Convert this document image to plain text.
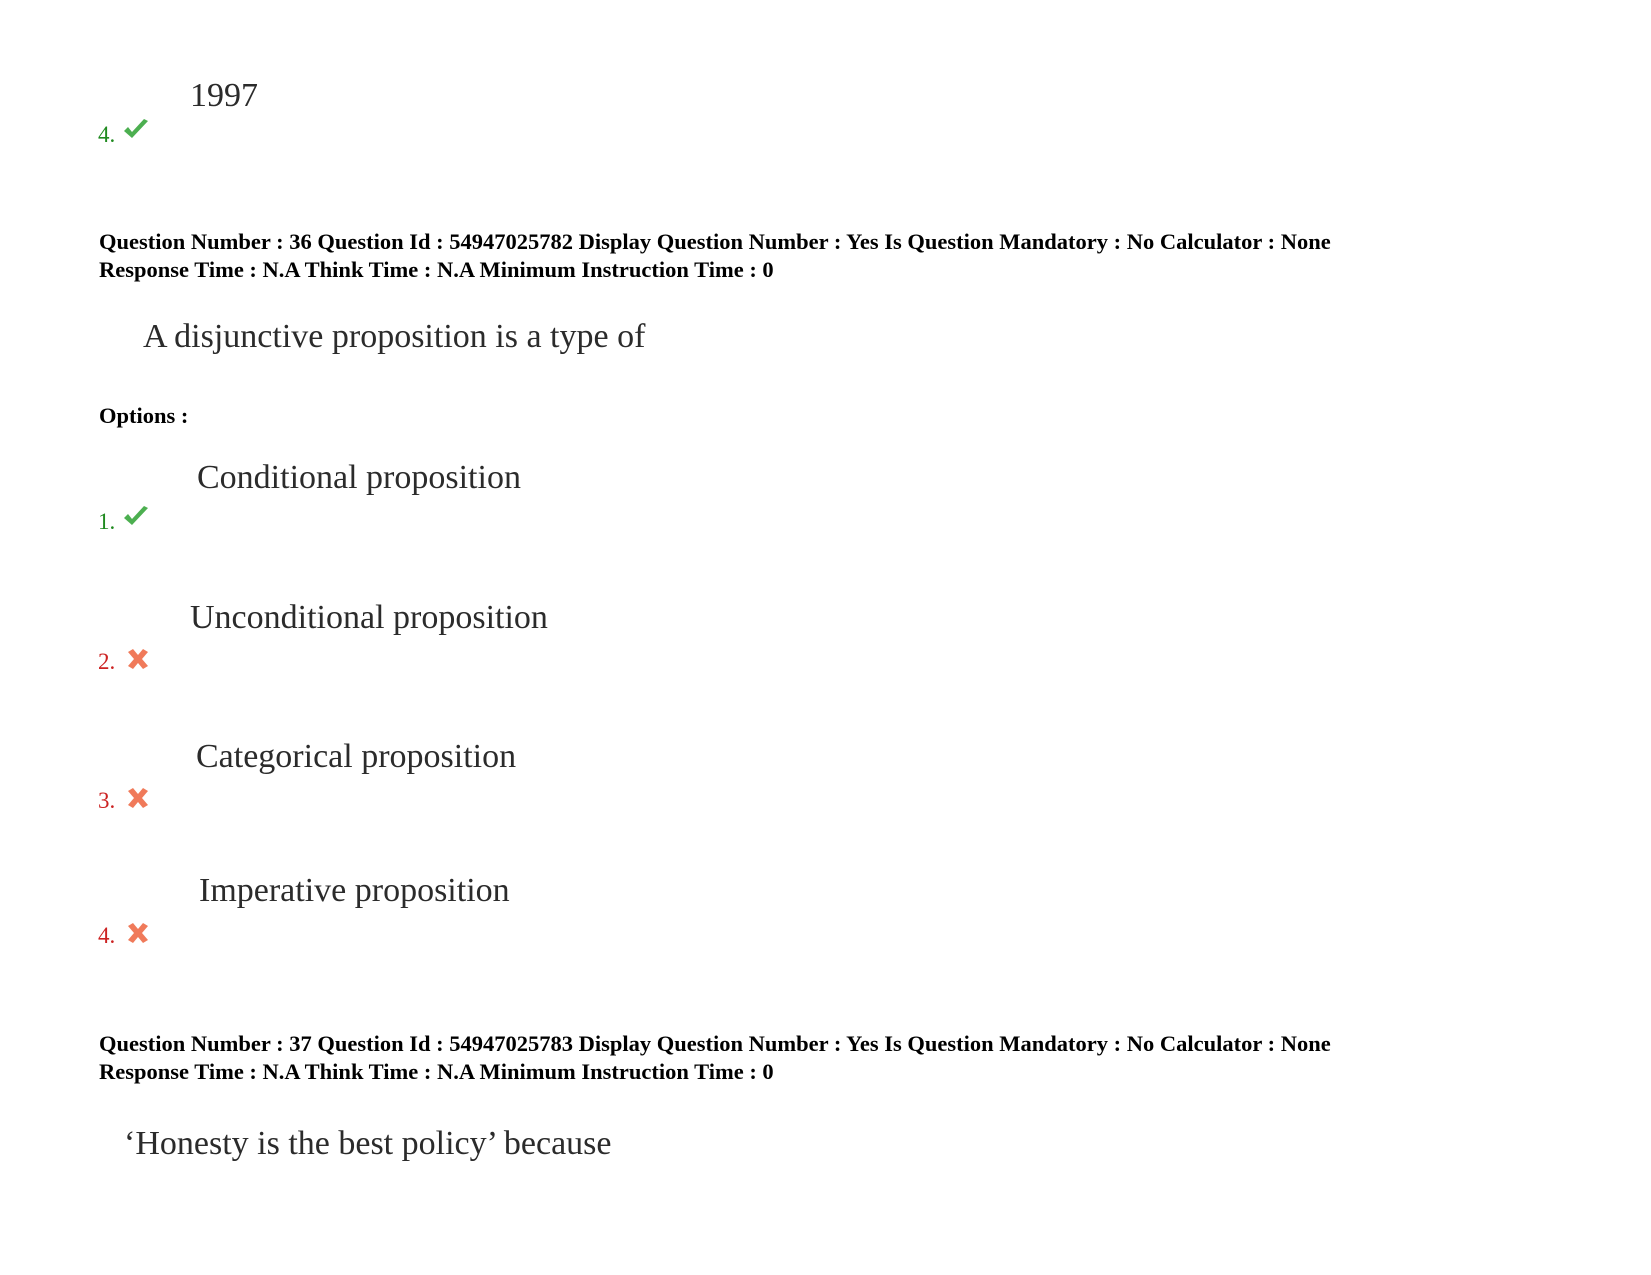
1997
4.
Question Number : 36 Question Id : 54947025782 Display Question Number : Yes Is Question Mandatory : No Calculator : None
Response Time : N.A Think Time : N.A Minimum Instruction Time : 0
A disjunctive proposition is a type of
Options :
Conditional proposition
1.
Unconditional proposition
2.
Categorical proposition
3.
Imperative proposition
4.
Question Number : 37 Question Id : 54947025783 Display Question Number : Yes Is Question Mandatory : No Calculator : None
Response Time : N.A Think Time : N.A Minimum Instruction Time : 0
‘Honesty is the best policy’ because
